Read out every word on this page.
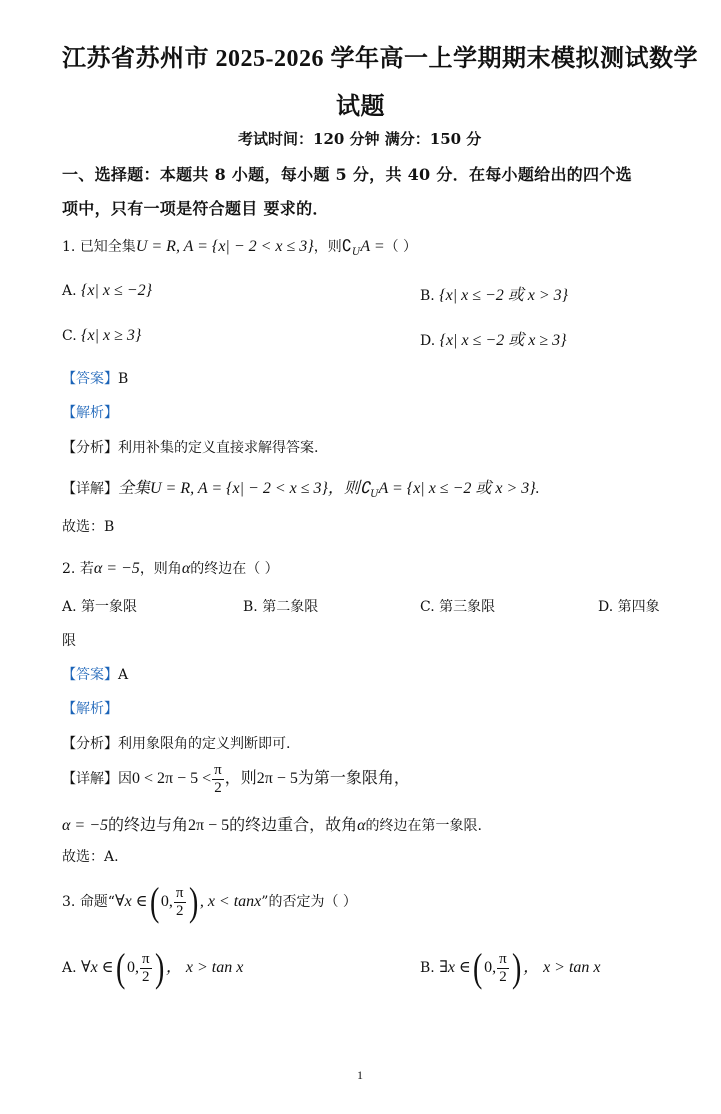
江苏省苏州市 2025-2026 学年高一上学期期末模拟测试数学
试题
考试时间：120 分钟 满分：150 分
一、选择题：本题共 8 小题，每小题 5 分，共 40 分．在每小题给出的四个选
项中，只有一项是符合题目 要求的．
1. 已知全集U = R, A = {x| − 2 < x ≤ 3}，则$∁_UA$ =（ ）
A. {x| x ≤ −2}	B. {x| x ≤ −2 或 x > 3}
C. {x| x ≥ 3}	D. {x| x ≤ −2 或 x ≥ 3}
【答案】B
【解析】
【分析】利用补集的定义直接求解得答案.
【详解】全集U = R, A = {x| − 2 < x ≤ 3}，则$∁_UA = \{x|$ x ≤ −2 或 x > 3}.
故选：B
2. 若α = −5，则角α的终边在（ ）
A. 第一象限	B. 第二象限	C. 第三象限	D. 第四象
限
【答案】A
【解析】
【分析】利用象限角的定义判断即可.
【详解】因$0 < 2\pi - 5 < \frac{\pi}{2}$ ，则2π − 5为第一象限角，
α = −5的终边与角2π − 5的终边重合，故角α的终边在第一象限.
故选：A.
3. 命题“∀x ∈( 0, $\frac{\pi}{2}$ ) , x < tanx”的否定为（ ）
A. ∀x ∈( 0, $\frac{\pi}{2}$ ) ， x > tan x	B. ∃x ∈( 0, $\frac{\pi}{2}$ ) ， x > tan x
1
